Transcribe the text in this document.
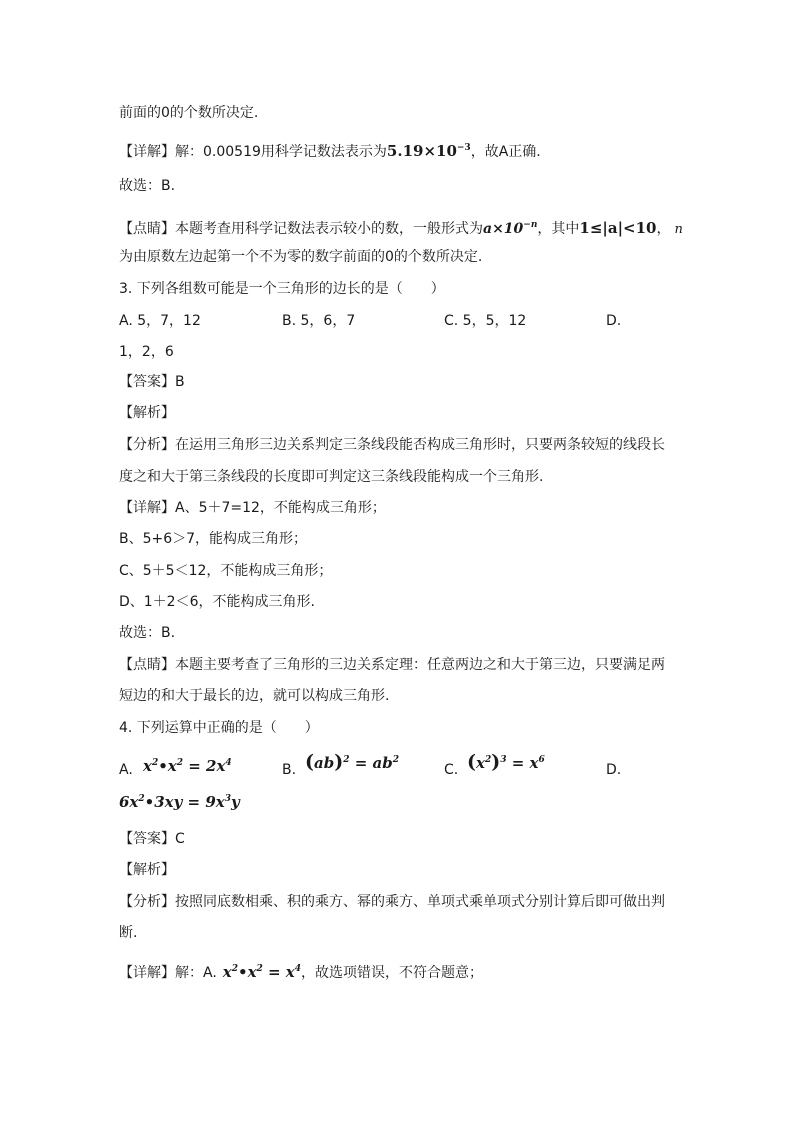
前面的0的个数所决定.
【详解】解：0.00519用科学记数法表示为$5.19\times 10^{-3}$，故A正确.
故选：B.
【点睛】本题考查用科学记数法表示较小的数，一般形式为$a\times 10^{-n}$，其中1≤|a|<10， n
为由原数左边起第一个不为零的数字前面的0的个数所决定.
3. 下列各组数可能是一个三角形的边长的是（　　）
A. 5，7，12	B. 5，6，7	C. 5，5，12	D.
1，2，6
【答案】B
【解析】
【分析】在运用三角形三边关系判定三条线段能否构成三角形时，只要两条较短的线段长
度之和大于第三条线段的长度即可判定这三条线段能构成一个三角形.
【详解】A、5＋7=12，不能构成三角形；
B、5+6＞7，能构成三角形；
C、5＋5＜12，不能构成三角形；
D、1＋2＜6，不能构成三角形.
故选：B.
【点睛】本题主要考查了三角形的三边关系定理：任意两边之和大于第三边，只要满足两
短边的和大于最长的边，就可以构成三角形.
4. 下列运算中正确的是（　　）
A. $x^2•x^2 = 2x^4$	B. $(ab)^2 = ab^2$
C. $(x^2)^3 = x^6$
D.
$6x^2•3xy = 9x^3y$
【答案】C
【解析】
【分析】按照同底数相乘、积的乘方、幂的乘方、单项式乘单项式分别计算后即可做出判
断.
【详解】解：A. $x^2•x^2 = x^4$，故选项错误，不符合题意；
